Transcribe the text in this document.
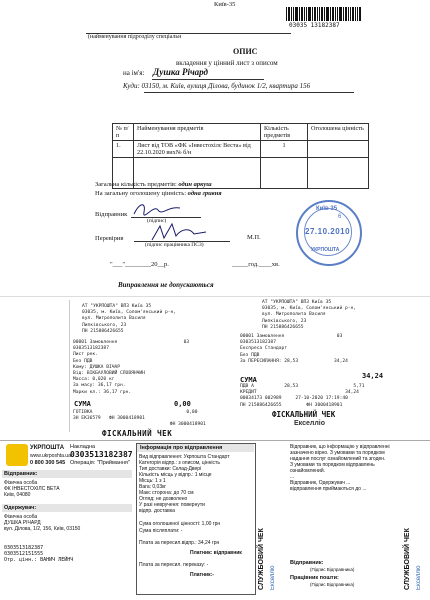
Київ-35
03035 13182387
(найменування підрозділу спеціальн
ОПИС
вкладення у цінний лист з описом
на ім'я: Душка Річард
Куди: 03150, м. Київ, вулиця Ділова, будинок 1/2, квартира 156
№ п/п	Найменування предметів	Кількість предметів	Оголошена цінність
1.	Лист від ТОВ «ФК «Інвестохілс Веста» від 22.10.2020 вих№ б/н	1	

Загальна кількість предметів: один аркуш
На загальну оголошену цінність: одна гривня
Відправник
(підпис)
Перевірив
(підпис працівника ПСЗ)
М.П.
"___"________20__р.	_____год.____хв.
Виправлення не допускаються
Київ 35
6
27.10.2010
УКРПОШТА
АТ "УКРПОШТА" ВПЗ Київ 35
03035, м. Київ, Солом'янський р-н,
вул. Митрополита Василя
Липківського, 23
ПН 215886426655
00001 Замовлення                        03
0303513182387
Лист рек.
Без ПДВ
Кому: ДУШКА ВІЧАР
Від: ВІКБАУЛОВИЙ СЛОВЯНЧИН
Масса: 0,020 кг
За масу: 36,17 грн.
Марки кл.: 36,17 грн.
СУМА	0,00
ГОТІВКА                                  0,00
ЗН ЕКЗ6579   ФН 3000418901
ФН 3000418901
ФІСКАЛЬНИЙ ЧЕК
АТ "УКРПОШТА" ВПЗ Київ 35
03035, м. Київ, Солом'янський р-н,
вул. Митрополита Василя
Липківського, 23
ПН 215886426655
00001 Замовлення                   03
0303513182387
Експреса Стандарт
Без ПДВ
За ПЕРЕСИЛАННЯ: 28,53             34,24
СУМА	34,24
ПДВ А           28,53                    5,71
КРЕДИТ                                34,24
00034173 002989     27-10-2020 17:19:40
ПН 215886426655         ФН 3000418901
ФІСКАЛЬНИЙ ЧЕК
Екселліо
УКРПОШТА
www.ukrposhta.ua
0 800 300 545
Накладна
0303513182387
Операція: "Приймання"
Відправник:
Фізична особа
ФК ІНВЕСТОХІЛС ВЕТА
Київ, 04080
Одержувач:
Фізична особа
ДУШКА РІЧАРД
вул. Ділова, 1/2, 156, Київ, 03150
0303513182387
0303512151555
Отр. цінн.: ВАНИЧ ЛЕЙНЧ
Інформація про відправлення
Вид відправлення: Укрпошта Стандарт
Категорія відпр.: з описом, цінність
Тип доставки: Склад-Двері
Кількість місць у відпр.: 1 місце
Місць: 1 з 1
Вага: 0,03кг
Макс сторона: до 70 см
Огляд: не дозволено
У разі неврученя: повернути
відпр. доставка
Сума оголошеної цінності: 1,00 грн
Сума післяплати: -
Плата за пересил.відпр.: 34,24 грн
Платник: відправник
Плата за пересил. переказу: -
Платник:-	СЛУЖБОВИЙ ЧЕК Екселліо
Відправник, що інформацію у відправленні
зазначено вірно. З умовами та порядком
надання послуг ознайомлений та згоден.
З умовами та порядком відправлень
ознайомлений.
...
Відправник, Одержувач ...
відправлення приймаються до ...
Відправник:
(Підпис Відправника)
Працівник пошти:
(Підпис Відправника)	СЛУЖБОВИЙ ЧЕК Екселліо
